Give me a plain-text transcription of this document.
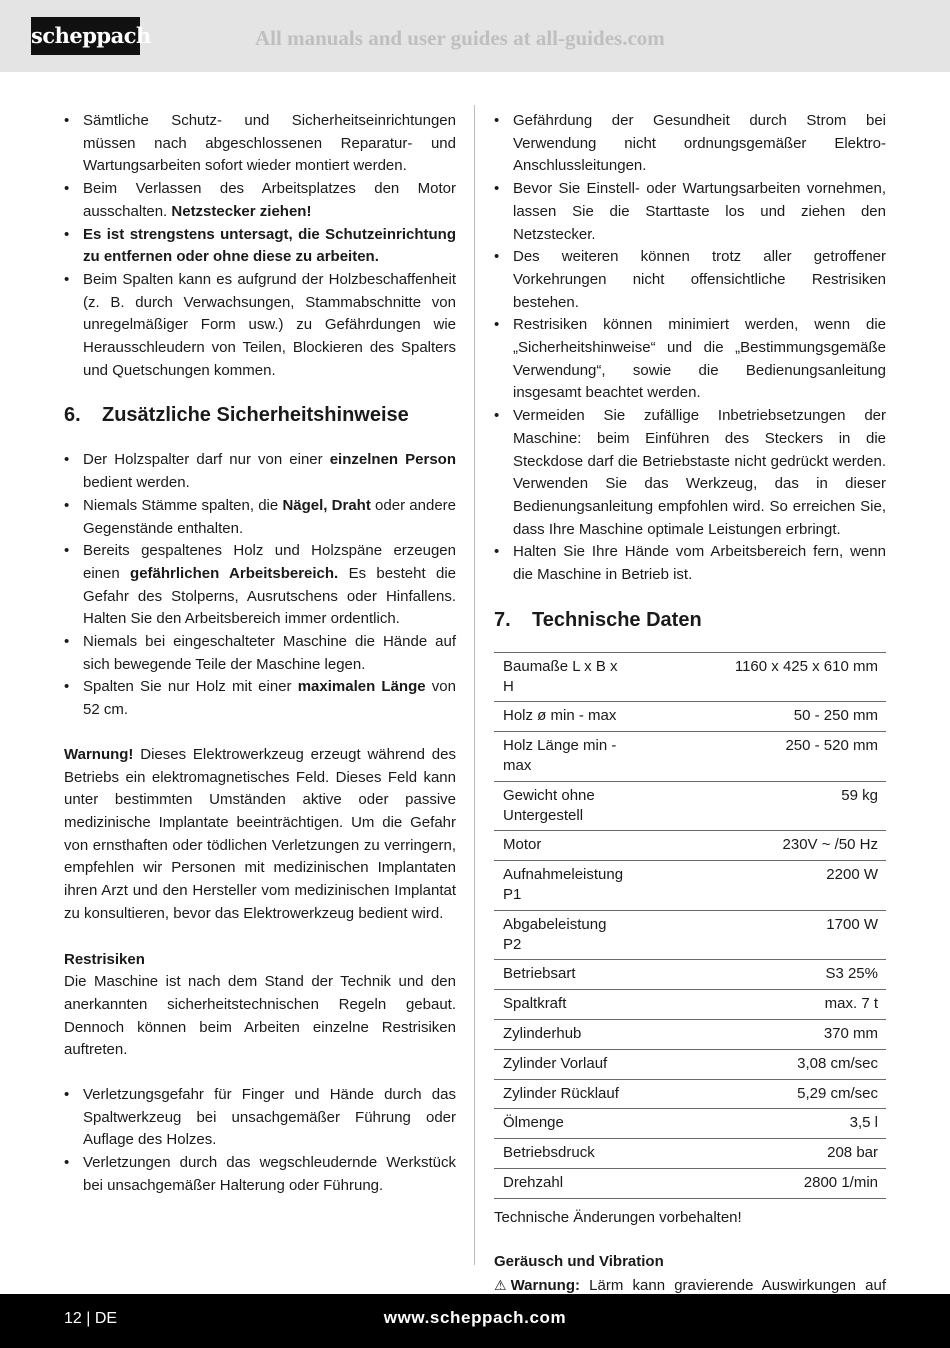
scheppach	All manuals and user guides at all-guides.com
• Sämtliche Schutz- und Sicherheitseinrichtungen müssen nach abgeschlossenen Reparatur- und Wartungsarbeiten sofort wieder montiert werden.
• Beim Verlassen des Arbeitsplatzes den Motor ausschalten. Netzstecker ziehen!
• Es ist strengstens untersagt, die Schutzeinrichtung zu entfernen oder ohne diese zu arbeiten.
• Beim Spalten kann es aufgrund der Holzbeschaffenheit (z. B. durch Verwachsungen, Stammabschnitte von unregelmäßiger Form usw.) zu Gefährdungen wie Herausschleudern von Teilen, Blockieren des Spalters und Quetschungen kommen.
6.	Zusätzliche Sicherheitshinweise
• Der Holzspalter darf nur von einer einzelnen Person bedient werden.
• Niemals Stämme spalten, die Nägel, Draht oder andere Gegenstände enthalten.
• Bereits gespaltenes Holz und Holzspäne erzeugen einen gefährlichen Arbeitsbereich. Es besteht die Gefahr des Stolperns, Ausrutschens oder Hinfallens. Halten Sie den Arbeitsbereich immer ordentlich.
• Niemals bei eingeschalteter Maschine die Hände auf sich bewegende Teile der Maschine legen.
• Spalten Sie nur Holz mit einer maximalen Länge von 52 cm.

Warnung! Dieses Elektrowerkzeug erzeugt während des Betriebs ein elektromagnetisches Feld. Dieses Feld kann unter bestimmten Umständen aktive oder passive medizinische Implantate beeinträchtigen. Um die Gefahr von ernsthaften oder tödlichen Verletzungen zu verringern, empfehlen wir Personen mit medizinischen Implantaten ihren Arzt und den Hersteller vom medizinischen Implantat zu konsultieren, bevor das Elektrowerkzeug bedient wird.

Restrisiken

Die Maschine ist nach dem Stand der Technik und den anerkannten sicherheitstechnischen Regeln gebaut. Dennoch können beim Arbeiten einzelne Restrisiken auftreten.

• Verletzungsgefahr für Finger und Hände durch das Spaltwerkzeug bei unsachgemäßer Führung oder Auflage des Holzes.
• Verletzungen durch das wegschleudernde Werkstück bei unsachgemäßer Halterung oder Führung.
• Gefährdung der Gesundheit durch Strom bei Verwendung nicht ordnungsgemäßer Elektro-Anschlussleitungen.
• Bevor Sie Einstell- oder Wartungsarbeiten vornehmen, lassen Sie die Starttaste los und ziehen den Netzstecker.
• Des weiteren können trotz aller getroffener Vorkehrungen nicht offensichtliche Restrisiken bestehen.
• Restrisiken können minimiert werden, wenn die „Sicherheitshinweise“ und die „Bestimmungsgemäße Verwendung“, sowie die Bedienungsanleitung insgesamt beachtet werden.
• Vermeiden Sie zufällige Inbetriebsetzungen der Maschine: beim Einführen des Steckers in die Steckdose darf die Betriebstaste nicht gedrückt werden. Verwenden Sie das Werkzeug, das in dieser Bedienungsanleitung empfohlen wird. So erreichen Sie, dass Ihre Maschine optimale Leistungen erbringt.
• Halten Sie Ihre Hände vom Arbeitsbereich fern, wenn die Maschine in Betrieb ist.
7.	Technische Daten
Baumaße L x B x H	1160 x 425 x 610 mm
Holz ø min - max	50 - 250 mm
Holz Länge min - max	250 - 520 mm
Gewicht ohne Untergestell	59 kg
Motor	230V ~ /50 Hz
Aufnahmeleistung P1	2200 W
Abgabeleistung P2	1700 W
Betriebsart	S3 25%
Spaltkraft	max. 7 t
Zylinderhub	370 mm
Zylinder Vorlauf	3,08 cm/sec
Zylinder Rücklauf	5,29 cm/sec
Ölmenge	3,5 l
Betriebsdruck	208 bar
Drehzahl	2800 1/min

Technische Änderungen vorbehalten!

Geräusch und Vibration

⚠ Warnung: Lärm kann gravierende Auswirkungen auf

12 | DE	www.scheppach.com
